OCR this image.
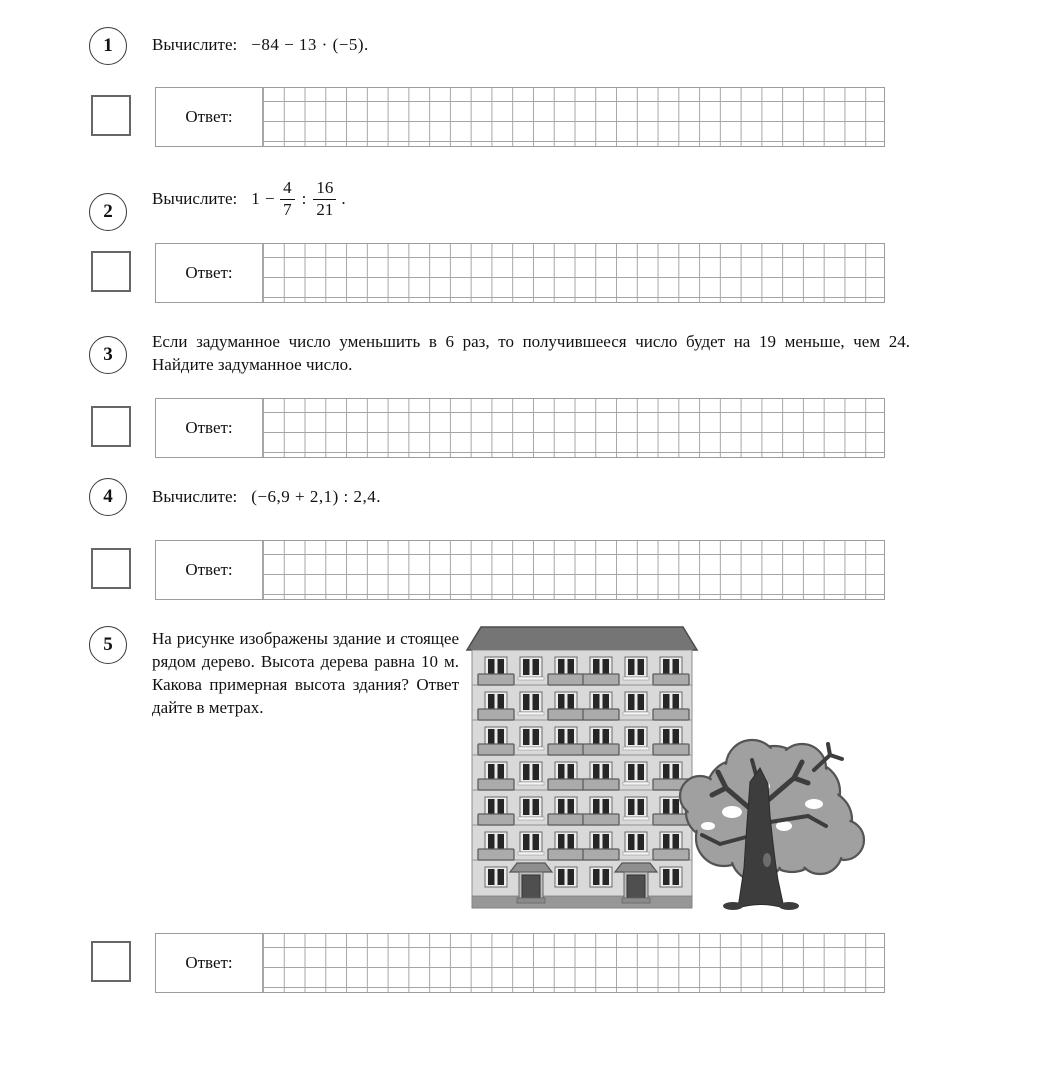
1 Вычислите: −84 − 13 · (−5).
Ответ:
2
Вычислите: $1 - \frac{4}{7}$ : $\frac{16}{21}$ .
Ответ:
3
Если задуманное число уменьшить в 6 раз, то получившееся число будет на 19 меньше, чем 24. Найдите задуманное число.
Ответ:
4 Вычислите: (−6,9 + 2,1) : 2,4.
Ответ:
5 На рисунке изображены здание и стоящее рядом дерево. Высота дерева равна 10 м. Какова примерная высота здания? Ответ дайте в метрах.
Ответ:
